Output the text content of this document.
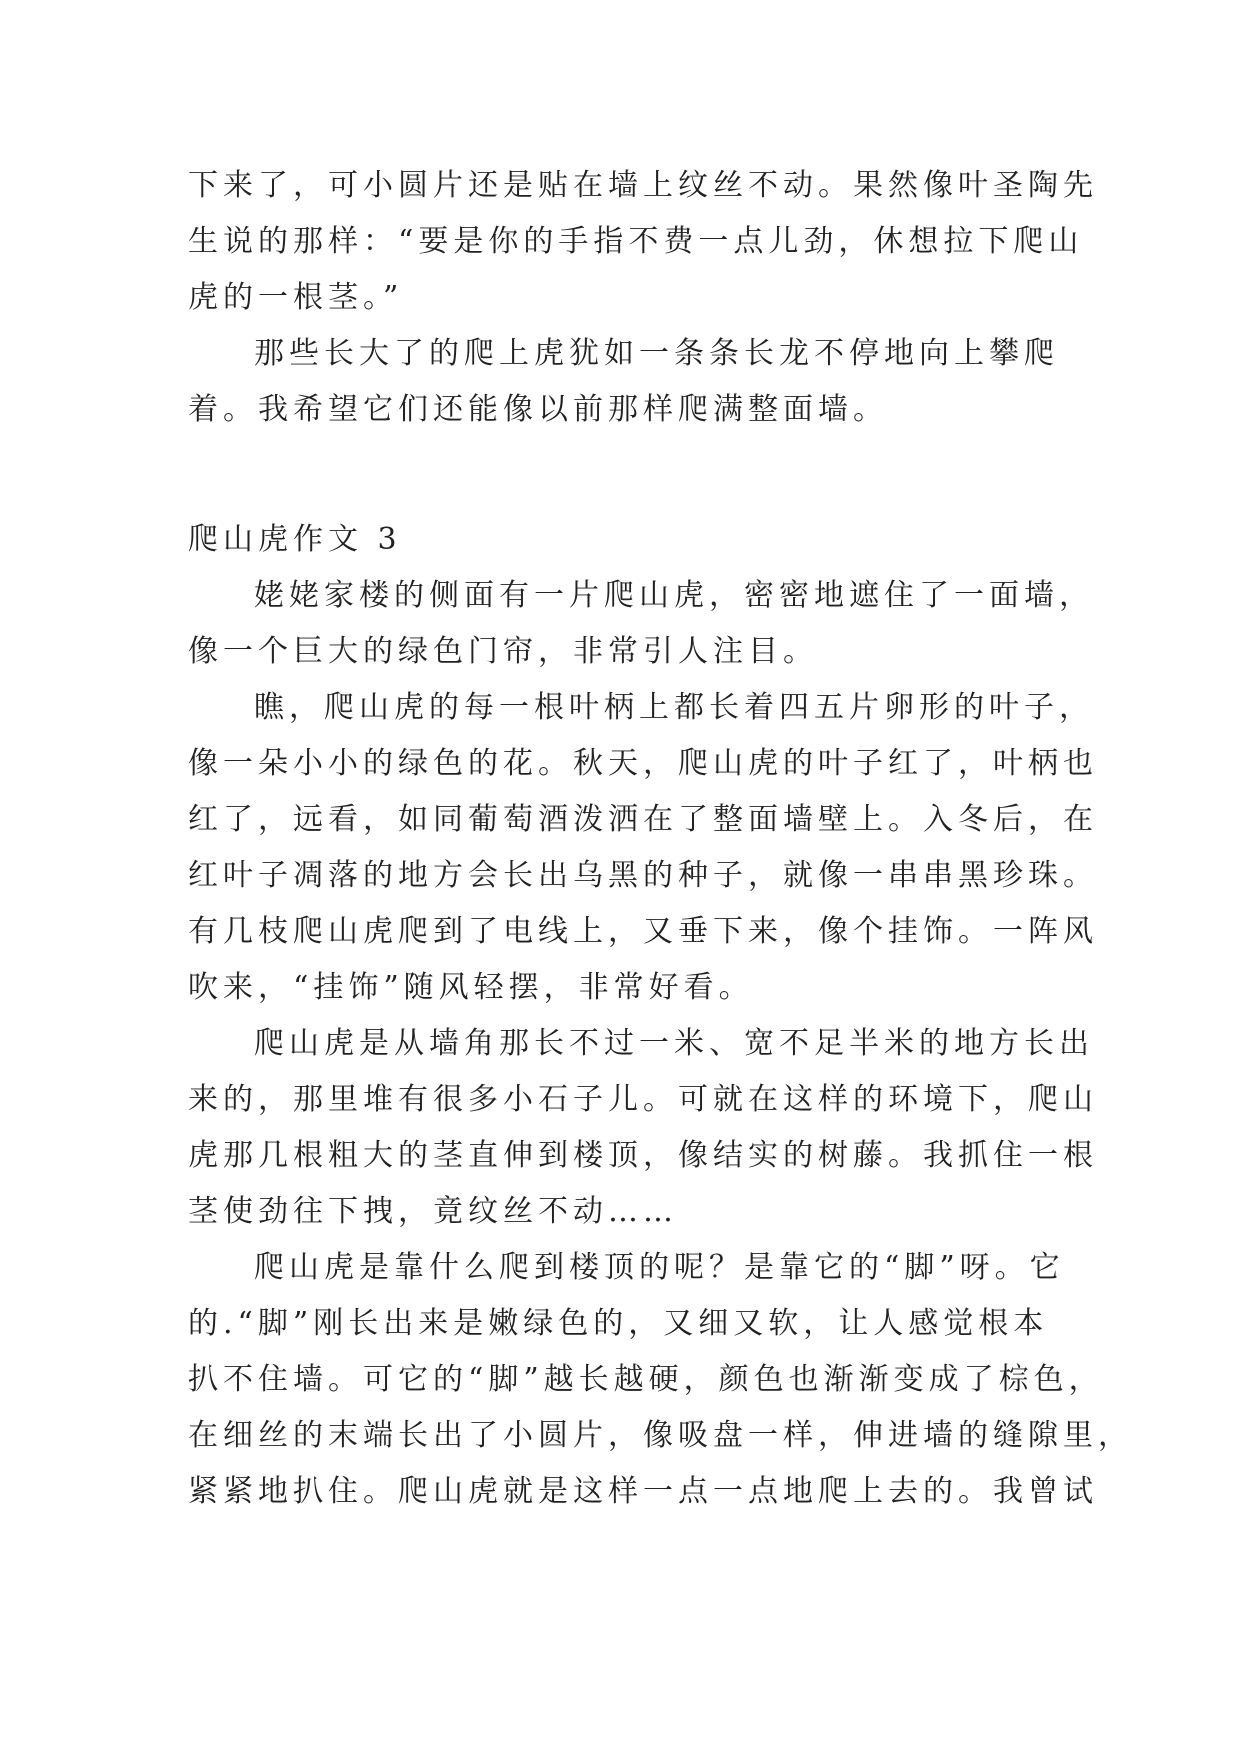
下来了，可小圆片还是贴在墙上纹丝不动。果然像叶圣陶先
生说的那样：“要是你的手指不费一点儿劲，休想拉下爬山
虎的一根茎。”
那些长大了的爬上虎犹如一条条长龙不停地向上攀爬
着。我希望它们还能像以前那样爬满整面墙。
爬山虎作文 3
姥姥家楼的侧面有一片爬山虎，密密地遮住了一面墙，
像一个巨大的绿色门帘，非常引人注目。
瞧，爬山虎的每一根叶柄上都长着四五片卵形的叶子，
像一朵小小的绿色的花。秋天，爬山虎的叶子红了，叶柄也
红了，远看，如同葡萄酒泼洒在了整面墙壁上。入冬后，在
红叶子凋落的地方会长出乌黑的种子，就像一串串黑珍珠。
有几枝爬山虎爬到了电线上，又垂下来，像个挂饰。一阵风
吹来，“挂饰”随风轻摆，非常好看。
爬山虎是从墙角那长不过一米、宽不足半米的地方长出
来的，那里堆有很多小石子儿。可就在这样的环境下，爬山
虎那几根粗大的茎直伸到楼顶，像结实的树藤。我抓住一根
茎使劲往下拽，竟纹丝不动……
爬山虎是靠什么爬到楼顶的呢？是靠它的“脚”呀。它
的.“脚”刚长出来是嫩绿色的，又细又软，让人感觉根本
扒不住墙。可它的“脚”越长越硬，颜色也渐渐变成了棕色，
在细丝的末端长出了小圆片，像吸盘一样，伸进墙的缝隙里，
紧紧地扒住。爬山虎就是这样一点一点地爬上去的。我曾试
